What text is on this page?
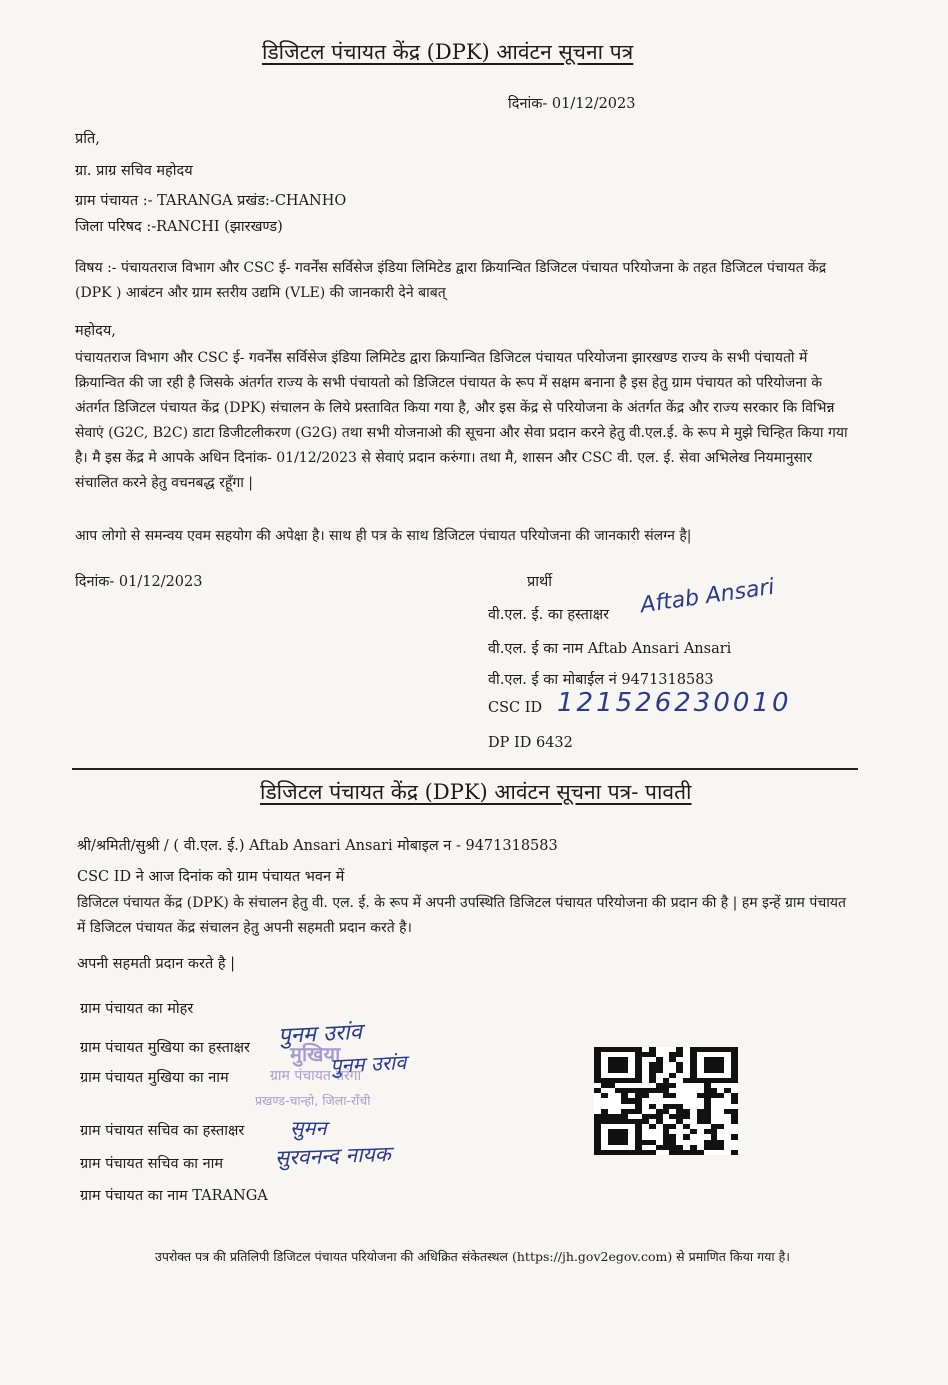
डिजिटल पंचायत केंद्र (DPK) आवंटन सूचना पत्र
दिनांक- 01/12/2023
प्रति,
ग्रा. प्राग्र सचिव महोदय
ग्राम पंचायत :- TARANGA प्रखंड:-CHANHO
जिला परिषद :-RANCHI (झारखण्ड)
विषय :- पंचायतराज विभाग और CSC ई- गवर्नेंस सर्विसेज इंडिया लिमिटेड द्वारा क्रियान्वित डिजिटल पंचायत परियोजना के तहत डिजिटल पंचायत केंद्र (DPK ) आबंटन और ग्राम स्तरीय उद्यमि (VLE) की जानकारी देने बाबत्
महोदय,
पंचायतराज विभाग और CSC ई- गवर्नेंस सर्विसेज इंडिया लिमिटेड द्वारा क्रियान्वित डिजिटल पंचायत परियोजना झारखण्ड राज्य के सभी पंचायतो में क्रियान्वित की जा रही है जिसके अंतर्गत राज्य के सभी पंचायतो को डिजिटल पंचायत के रूप में सक्षम बनाना है इस हेतु ग्राम पंचायत को परियोजना के अंतर्गत डिजिटल पंचायत केंद्र (DPK) संचालन के लिये प्रस्तावित किया गया है, और इस केंद्र से परियोजना के अंतर्गत केंद्र और राज्य सरकार कि विभिन्न सेवाएं (G2C, B2C) डाटा डिजीटलीकरण (G2G) तथा सभी योजनाओ की सूचना और सेवा प्रदान करने हेतु वी.एल.ई. के रूप मे मुझे चिन्हित किया गया है। मै इस केंद्र मे आपके अधिन दिनांक- 01/12/2023 से सेवाएं प्रदान करुंगा। तथा मै, शासन और CSC वी. एल. ई. सेवा अभिलेख नियमानुसार संचालित करने हेतु वचनबद्ध रहूँगा |
आप लोगो से समन्वय एवम सहयोग की अपेक्षा है। साथ ही पत्र के साथ डिजिटल पंचायत परियोजना की जानकारी संलग्न है|
दिनांक- 01/12/2023	प्रार्थी
वी.एल. ई. का हस्ताक्षर Aftab Ansari
वी.एल. ई का नाम Aftab Ansari Ansari
वी.एल. ई का मोबाईल नं 9471318583
CSC ID 121526230010
DP ID 6432
डिजिटल पंचायत केंद्र (DPK) आवंटन सूचना पत्र- पावती
श्री/श्रमिती/सुश्री / ( वी.एल. ई.) Aftab Ansari Ansari मोबाइल न - 9471318583
CSC ID ने आज दिनांक को ग्राम पंचायत भवन में
डिजिटल पंचायत केंद्र (DPK) के संचालन हेतु वी. एल. ई. के रूप में अपनी उपस्थिति डिजिटल पंचायत परियोजना की प्रदान की है | हम इन्हें ग्राम पंचायत में डिजिटल पंचायत केंद्र संचालन हेतु अपनी सहमती प्रदान करते है।
अपनी सहमती प्रदान करते है |
ग्राम पंचायत का मोहर
मुखिया
ग्राम पंचायत-तरंगा
प्रखण्ड-चान्हो, जिला-राँची
ग्राम पंचायत मुखिया का हस्ताक्षर पुनम उरांव
ग्राम पंचायत मुखिया का नाम
पुनम उरांव
ग्राम पंचायत सचिव का हस्ताक्षर सुमन
ग्राम पंचायत सचिव का नाम सुरवनन्द नायक
ग्राम पंचायत का नाम TARANGA
उपरोक्त पत्र की प्रतिलिपी डिजिटल पंचायत परियोजना की अधिक्रित संकेतस्थल (https://jh.gov2egov.com) से प्रमाणित किया गया है।
